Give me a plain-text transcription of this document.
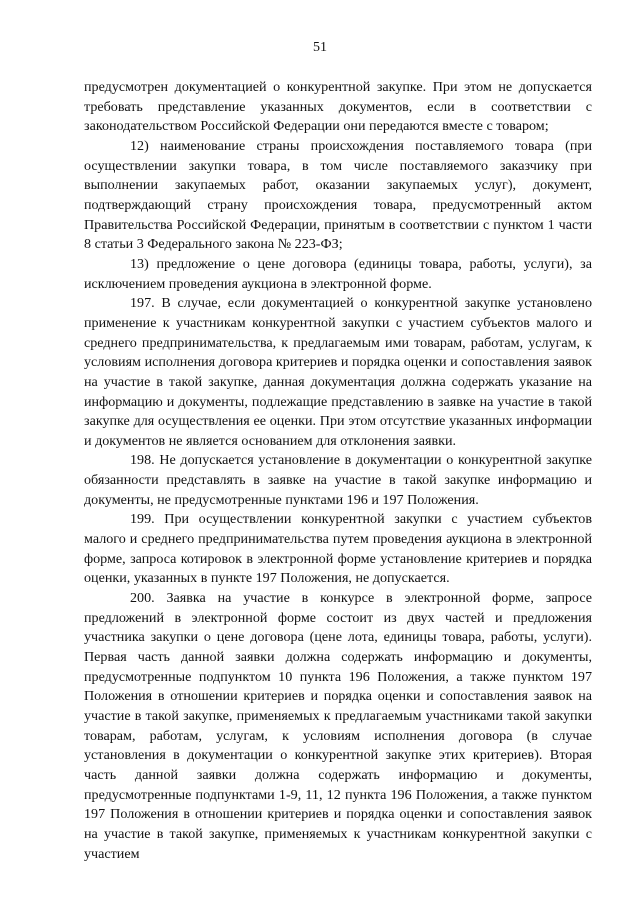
51

предусмотрен документацией о конкурентной закупке. При этом не допускается требовать представление указанных документов, если в соответствии с законодательством Российской Федерации они передаются вместе с товаром;

12) наименование страны происхождения поставляемого товара (при осуществлении закупки товара, в том числе поставляемого заказчику при выполнении закупаемых работ, оказании закупаемых услуг), документ, подтверждающий страну происхождения товара, предусмотренный актом Правительства Российской Федерации, принятым в соответствии с пунктом 1 части 8 статьи 3 Федерального закона № 223-ФЗ;

13) предложение о цене договора (единицы товара, работы, услуги), за исключением проведения аукциона в электронной форме.

197. В случае, если документацией о конкурентной закупке установлено применение к участникам конкурентной закупки с участием субъектов малого и среднего предпринимательства, к предлагаемым ими товарам, работам, услугам, к условиям исполнения договора критериев и порядка оценки и сопоставления заявок на участие в такой закупке, данная документация должна содержать указание на информацию и документы, подлежащие представлению в заявке на участие в такой закупке для осуществления ее оценки. При этом отсутствие указанных информации и документов не является основанием для отклонения заявки.

198. Не допускается установление в документации о конкурентной закупке обязанности представлять в заявке на участие в такой закупке информацию и документы, не предусмотренные пунктами 196 и 197 Положения.

199. При осуществлении конкурентной закупки с участием субъектов малого и среднего предпринимательства путем проведения аукциона в электронной форме, запроса котировок в электронной форме установление критериев и порядка оценки, указанных в пункте 197 Положения, не допускается.

200. Заявка на участие в конкурсе в электронной форме, запросе предложений в электронной форме состоит из двух частей и предложения участника закупки о цене договора (цене лота, единицы товара, работы, услуги). Первая часть данной заявки должна содержать информацию и документы, предусмотренные подпунктом 10 пункта 196 Положения, а также пунктом 197 Положения в отношении критериев и порядка оценки и сопоставления заявок на участие в такой закупке, применяемых к предлагаемым участниками такой закупки товарам, работам, услугам, к условиям исполнения договора (в случае установления в документации о конкурентной закупке этих критериев). Вторая часть данной заявки должна содержать информацию и документы, предусмотренные подпунктами 1-9, 11, 12 пункта 196 Положения, а также пунктом 197 Положения в отношении критериев и порядка оценки и сопоставления заявок на участие в такой закупке, применяемых к участникам конкурентной закупки с участием
